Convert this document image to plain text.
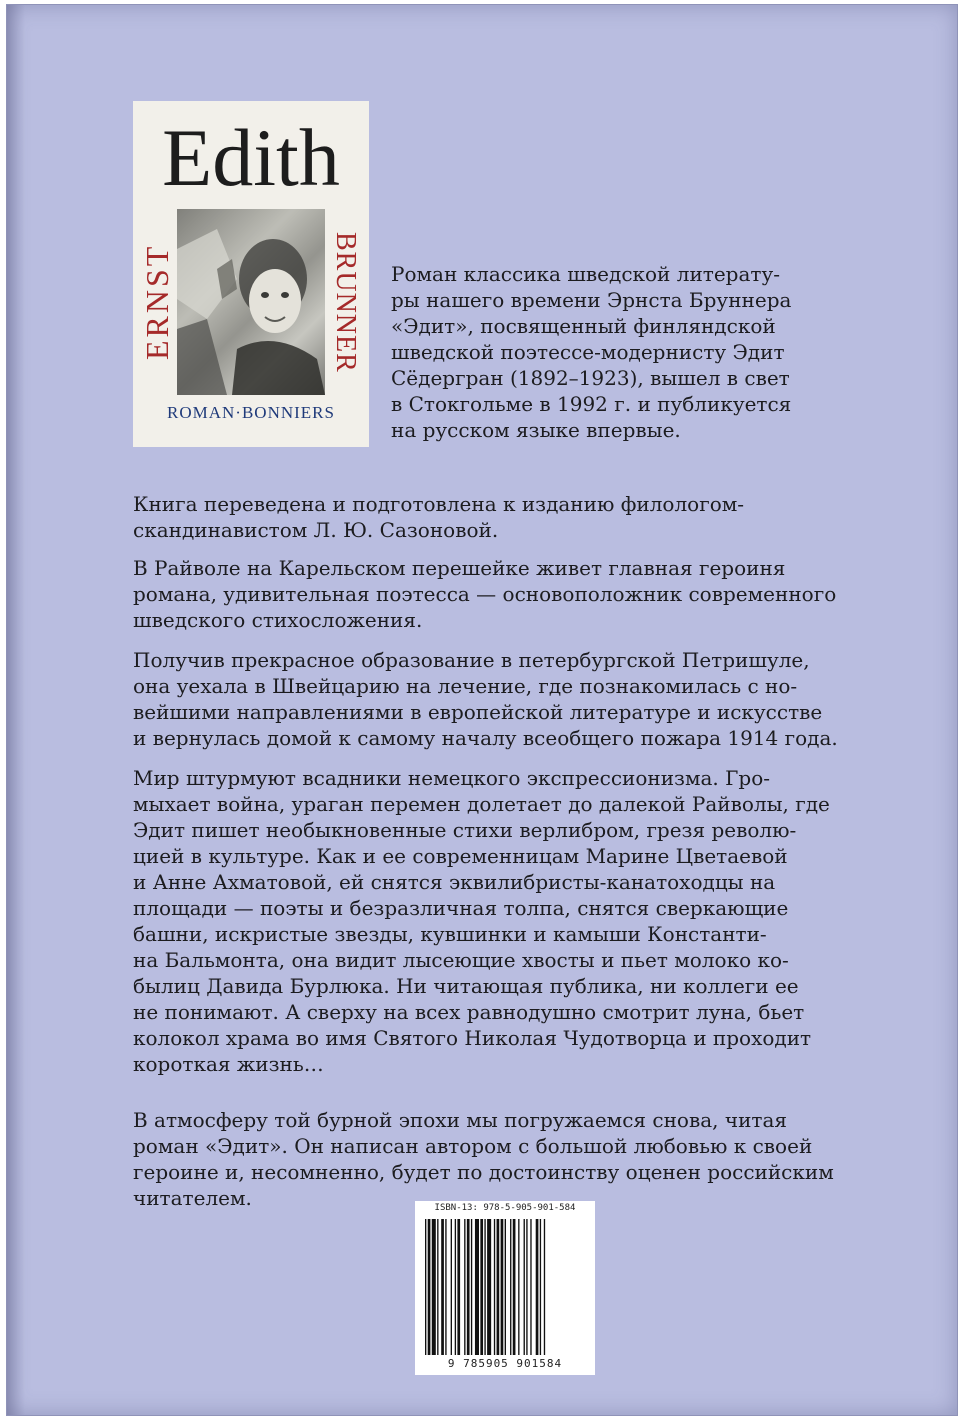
Edith
ERNST	BRUNNER
ROMAN·BONNIERS
Роман классика шведской литерату-
ры нашего времени Эрнста Бруннера
«Эдит», посвященный финляндской
шведской поэтессе-модернисту Эдит
Сёдергран (1892–1923), вышел в свет
в Стокгольме в 1992 г. и публикуется
на русском языке впервые.
Книга переведена и подготовлена к изданию филологом-
скандинавистом Л. Ю. Сазоновой.
В Райволе на Карельском перешейке живет главная героиня
романа, удивительная поэтесса — основоположник современного
шведского стихосложения.
Получив прекрасное образование в петербургской Петришуле,
она уехала в Швейцарию на лечение, где познакомилась с но-
вейшими направлениями в европейской литературе и искусстве
и вернулась домой к самому началу всеобщего пожара 1914 года.
Мир штурмуют всадники немецкого экспрессионизма. Гро-
мыхает война, ураган перемен долетает до далекой Райволы, где
Эдит пишет необыкновенные стихи верлибром, грезя револю-
цией в культуре. Как и ее современницам Марине Цветаевой
и Анне Ахматовой, ей снятся эквилибристы-канатоходцы на
площади — поэты и безразличная толпа, снятся сверкающие
башни, искристые звезды, кувшинки и камыши Константи-
на Бальмонта, она видит лысеющие хвосты и пьет молоко ко-
былиц Давида Бурлюка. Ни читающая публика, ни коллеги ее
не понимают. А сверху на всех равнодушно смотрит луна, бьет
колокол храма во имя Святого Николая Чудотворца и проходит
короткая жизнь…
В атмосферу той бурной эпохи мы погружаемся снова, читая
роман «Эдит». Он написан автором с большой любовью к своей
героине и, несомненно, будет по достоинству оценен российским
читателем.	ISBN-13: 978-5-905-901-584
9 785905 901584
